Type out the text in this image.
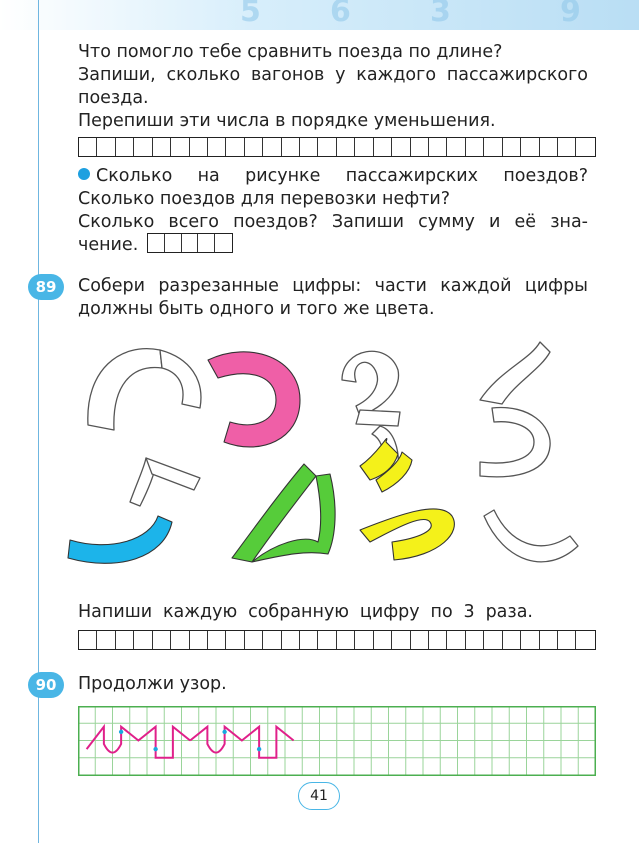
5 6	3	9
Что помогло тебе сравнить поезда по длине?
Запиши, сколько вагонов у каждого пассажирского
поезда.
Перепиши эти числа в порядке уменьшения.
Сколько на рисунке пассажирских поездов?
Сколько поездов для перевозки нефти?
Сколько всего поездов? Запиши сумму и её зна-
чение.
89	Собери разрезанные цифры: части каждой цифры
должны быть одного и того же цвета.
Напиши каждую собранную цифру по 3 раза.
90	Продолжи узор.
41
